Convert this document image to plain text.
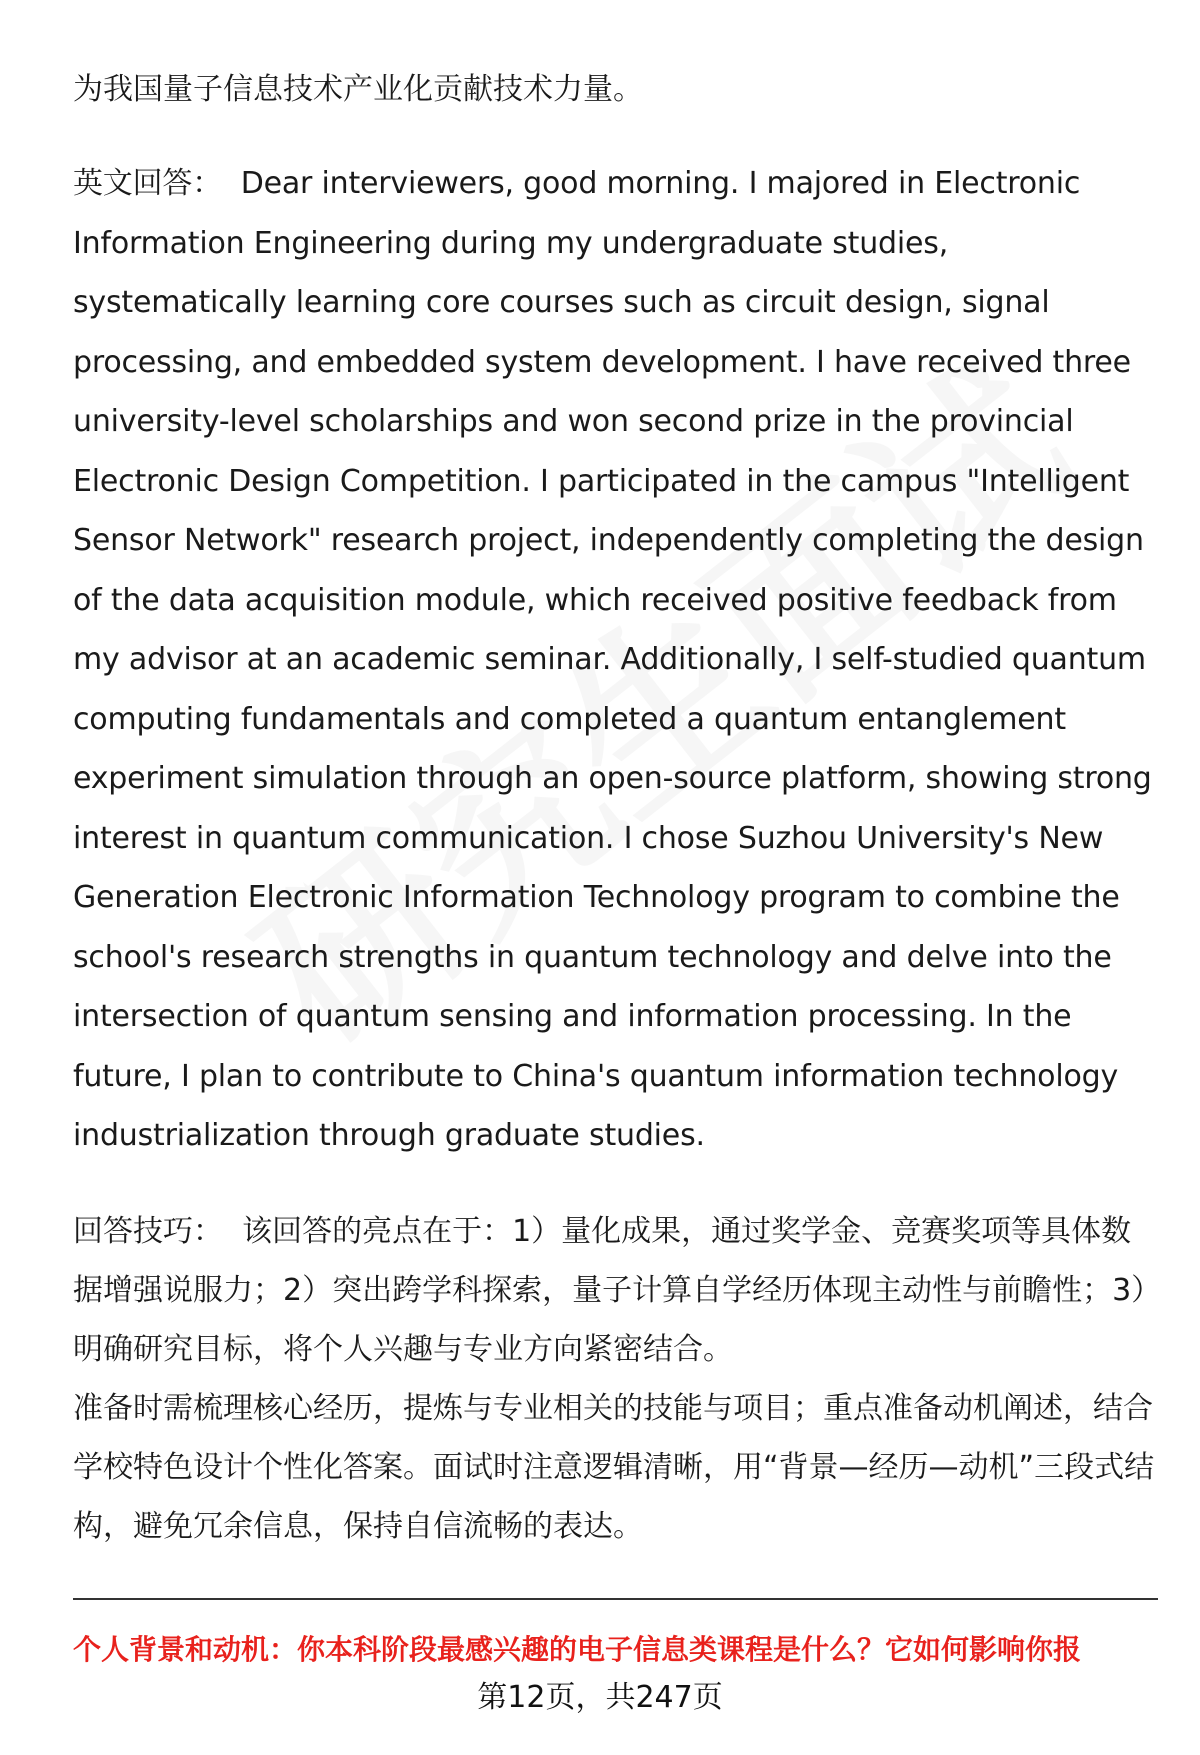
为我国量子信息技术产业化贡献技术力量。

英文回答： Dear interviewers, good morning. I majored in Electronic Information Engineering during my undergraduate studies, systematically learning core courses such as circuit design, signal processing, and embedded system development. I have received three university-level scholarships and won second prize in the provincial Electronic Design Competition. I participated in the campus "Intelligent Sensor Network" research project, independently completing the design of the data acquisition module, which received positive feedback from my advisor at an academic seminar. Additionally, I self-studied quantum computing fundamentals and completed a quantum entanglement experiment simulation through an open-source platform, showing strong interest in quantum communication. I chose Suzhou University's New Generation Electronic Information Technology program to combine the school's research strengths in quantum technology and delve into the intersection of quantum sensing and information processing. In the future, I plan to contribute to China's quantum information technology industrialization through graduate studies.

回答技巧： 该回答的亮点在于：1）量化成果，通过奖学金、竞赛奖项等具体数据增强说服力；2）突出跨学科探索，量子计算自学经历体现主动性与前瞻性；3）明确研究目标，将个人兴趣与专业方向紧密结合。

准备时需梳理核心经历，提炼与专业相关的技能与项目；重点准备动机阐述，结合学校特色设计个性化答案。面试时注意逻辑清晰，用“背景—经历—动机”三段式结构，避免冗余信息，保持自信流畅的表达。

个人背景和动机：你本科阶段最感兴趣的电子信息类课程是什么？它如何影响你报
第12页，共247页
